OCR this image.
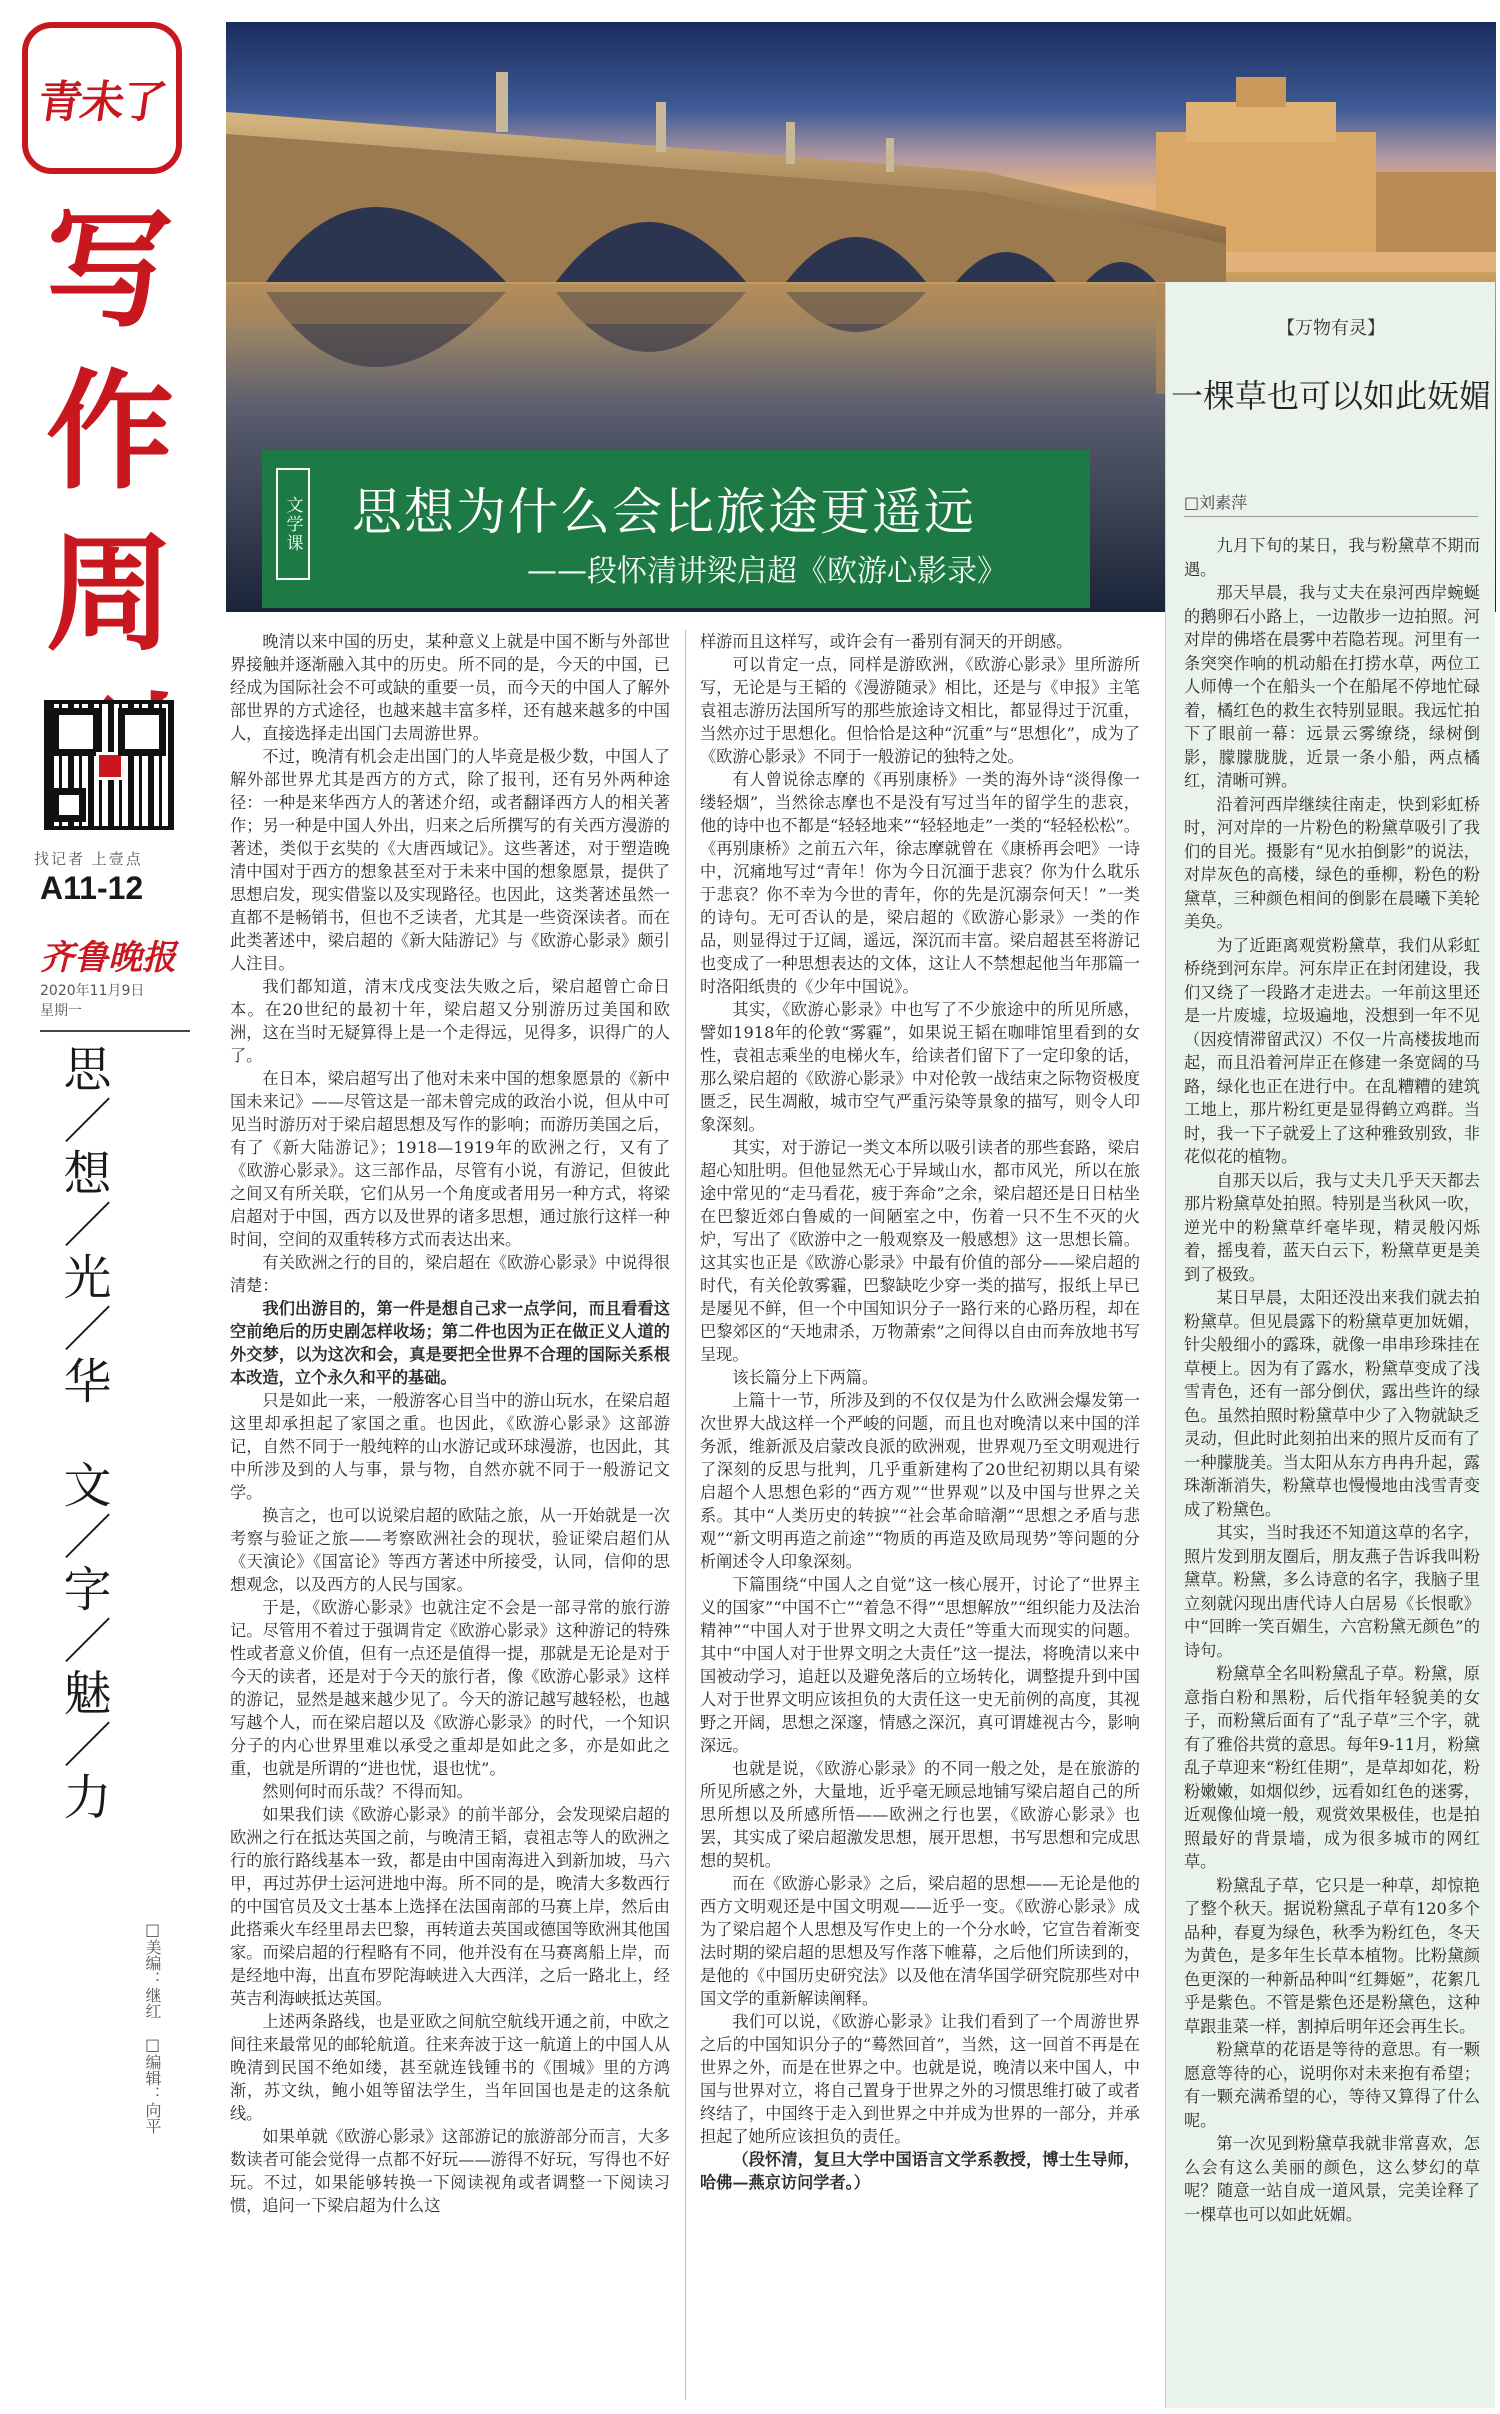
青未了
写作周
找记者 上壹点
A11-12
齐鲁晚报
2020年11月9日
星期一
思／想／光／华　文／字／魅／力
□美编：继红　□编辑：向平
文学课 思想为什么会比旅途更遥远
——段怀清讲梁启超《欧游心影录》

晚清以来中国的历史，某种意义上就是中国不断与外部世界接触并逐渐融入其中的历史。所不同的是，今天的中国，已经成为国际社会不可或缺的重要一员，而今天的中国人了解外部世界的方式途径，也越来越丰富多样，还有越来越多的中国人，直接选择走出国门去周游世界。

不过，晚清有机会走出国门的人毕竟是极少数，中国人了解外部世界尤其是西方的方式，除了报刊，还有另外两种途径：一种是来华西方人的著述介绍，或者翻译西方人的相关著作；另一种是中国人外出，归来之后所撰写的有关西方漫游的著述，类似于玄奘的《大唐西域记》。这些著述，对于塑造晚清中国对于西方的想象甚至对于未来中国的想象愿景，提供了思想启发，现实借鉴以及实现路径。也因此，这类著述虽然一直都不是畅销书，但也不乏读者，尤其是一些资深读者。而在此类著述中，梁启超的《新大陆游记》与《欧游心影录》颇引人注目。

我们都知道，清末戊戌变法失败之后，梁启超曾亡命日本。在20世纪的最初十年，梁启超又分别游历过美国和欧洲，这在当时无疑算得上是一个走得远，见得多，识得广的人了。

在日本，梁启超写出了他对未来中国的想象愿景的《新中国未来记》——尽管这是一部未曾完成的政治小说，但从中可见当时游历对于梁启超思想及写作的影响；而游历美国之后，有了《新大陆游记》；1918—1919年的欧洲之行，又有了《欧游心影录》。这三部作品，尽管有小说，有游记，但彼此之间又有所关联，它们从另一个角度或者用另一种方式，将梁启超对于中国，西方以及世界的诸多思想，通过旅行这样一种时间，空间的双重转移方式而表达出来。

有关欧洲之行的目的，梁启超在《欧游心影录》中说得很清楚：

我们出游目的，第一件是想自己求一点学问，而且看看这空前绝后的历史剧怎样收场；第二件也因为正在做正义人道的外交梦，以为这次和会，真是要把全世界不合理的国际关系根本改造，立个永久和平的基础。

只是如此一来，一般游客心目当中的游山玩水，在梁启超这里却承担起了家国之重。也因此，《欧游心影录》这部游记，自然不同于一般纯粹的山水游记或环球漫游，也因此，其中所涉及到的人与事，景与物，自然亦就不同于一般游记文学。

换言之，也可以说梁启超的欧陆之旅，从一开始就是一次考察与验证之旅——考察欧洲社会的现状，验证梁启超们从《天演论》《国富论》等西方著述中所接受，认同，信仰的思想观念，以及西方的人民与国家。

于是，《欧游心影录》也就注定不会是一部寻常的旅行游记。尽管用不着过于强调肯定《欧游心影录》这种游记的特殊性或者意义价值，但有一点还是值得一提，那就是无论是对于今天的读者，还是对于今天的旅行者，像《欧游心影录》这样的游记，显然是越来越少见了。今天的游记越写越轻松，也越写越个人，而在梁启超以及《欧游心影录》的时代，一个知识分子的内心世界里难以承受之重却是如此之多，亦是如此之重，也就是所谓的“进也忧，退也忧”。

然则何时而乐哉？不得而知。

如果我们读《欧游心影录》的前半部分，会发现梁启超的欧洲之行在抵达英国之前，与晚清王韬，袁祖志等人的欧洲之行的旅行路线基本一致，都是由中国南海进入到新加坡，马六甲，再过苏伊士运河进地中海。所不同的是，晚清大多数西行的中国官员及文士基本上选择在法国南部的马赛上岸，然后由此搭乘火车经里昂去巴黎，再转道去英国或德国等欧洲其他国家。而梁启超的行程略有不同，他并没有在马赛离船上岸，而是经地中海，出直布罗陀海峡进入大西洋，之后一路北上，经英吉利海峡抵达英国。

上述两条路线，也是亚欧之间航空航线开通之前，中欧之间往来最常见的邮轮航道。往来奔波于这一航道上的中国人从晚清到民国不绝如缕，甚至就连钱锺书的《围城》里的方鸿渐，苏文纨，鲍小姐等留法学生，当年回国也是走的这条航线。

如果单就《欧游心影录》这部游记的旅游部分而言，大多数读者可能会觉得一点都不好玩——游得不好玩，写得也不好玩。不过，如果能够转换一下阅读视角或者调整一下阅读习惯，追问一下梁启超为什么这

样游而且这样写，或许会有一番别有洞天的开朗感。

可以肯定一点，同样是游欧洲，《欧游心影录》里所游所写，无论是与王韬的《漫游随录》相比，还是与《申报》主笔袁祖志游历法国所写的那些旅途诗文相比，都显得过于沉重，当然亦过于思想化。但恰恰是这种“沉重”与“思想化”，成为了《欧游心影录》不同于一般游记的独特之处。

有人曾说徐志摩的《再别康桥》一类的海外诗“淡得像一缕轻烟”，当然徐志摩也不是没有写过当年的留学生的悲哀，他的诗中也不都是“轻轻地来”“轻轻地走”一类的“轻轻松松”。《再别康桥》之前五六年，徐志摩就曾在《康桥再会吧》一诗中，沉痛地写过“青年！你为今日沉湎于悲哀？你为什么耽乐于悲哀？你不幸为今世的青年，你的先是沉溺奈何天！”一类的诗句。无可否认的是，梁启超的《欧游心影录》一类的作品，则显得过于辽阔，遥远，深沉而丰富。梁启超甚至将游记也变成了一种思想表达的文体，这让人不禁想起他当年那篇一时洛阳纸贵的《少年中国说》。

其实，《欧游心影录》中也写了不少旅途中的所见所感，譬如1918年的伦敦“雾霾”，如果说王韬在咖啡馆里看到的女性，袁祖志乘坐的电梯火车，给读者们留下了一定印象的话，那么梁启超的《欧游心影录》中对伦敦一战结束之际物资极度匮乏，民生凋敝，城市空气严重污染等景象的描写，则令人印象深刻。

其实，对于游记一类文本所以吸引读者的那些套路，梁启超心知肚明。但他显然无心于异域山水，都市风光，所以在旅途中常见的“走马看花，疲于奔命”之余，梁启超还是日日枯坐在巴黎近郊白鲁威的一间陋室之中，伤着一只不生不灭的火炉，写出了《欧游中之一般观察及一般感想》这一思想长篇。这其实也正是《欧游心影录》中最有价值的部分——梁启超的时代，有关伦敦雾霾，巴黎缺吃少穿一类的描写，报纸上早已是屡见不鲜，但一个中国知识分子一路行来的心路历程，却在巴黎郊区的“天地肃杀，万物萧索”之间得以自由而奔放地书写呈现。

该长篇分上下两篇。

上篇十一节，所涉及到的不仅仅是为什么欧洲会爆发第一次世界大战这样一个严峻的问题，而且也对晚清以来中国的洋务派，维新派及启蒙改良派的欧洲观，世界观乃至文明观进行了深刻的反思与批判，几乎重新建构了20世纪初期以具有梁启超个人思想色彩的“西方观”“世界观”以及中国与世界之关系。其中“人类历史的转捩”“社会革命暗潮”“思想之矛盾与悲观”“新文明再造之前途”“物质的再造及欧局现势”等问题的分析阐述令人印象深刻。

下篇围绕“中国人之自觉”这一核心展开，讨论了“世界主义的国家”“中国不亡”“着急不得”“思想解放”“组织能力及法治精神”“中国人对于世界文明之大责任”等重大而现实的问题。其中“中国人对于世界文明之大责任”这一提法，将晚清以来中国被动学习，追赶以及避免落后的立场转化，调整提升到中国人对于世界文明应该担负的大责任这一史无前例的高度，其视野之开阔，思想之深邃，情感之深沉，真可谓雄视古今，影响深远。

也就是说，《欧游心影录》的不同一般之处，是在旅游的所见所感之外，大量地，近乎毫无顾忌地铺写梁启超自己的所思所想以及所感所悟——欧洲之行也罢，《欧游心影录》也罢，其实成了梁启超激发思想，展开思想，书写思想和完成思想的契机。

而在《欧游心影录》之后，梁启超的思想——无论是他的西方文明观还是中国文明观——近乎一变。《欧游心影录》成为了梁启超个人思想及写作史上的一个分水岭，它宣告着渐变法时期的梁启超的思想及写作落下帷幕，之后他们所读到的，是他的《中国历史研究法》以及他在清华国学研究院那些对中国文学的重新解读阐释。

我们可以说，《欧游心影录》让我们看到了一个周游世界之后的中国知识分子的“蓦然回首”，当然，这一回首不再是在世界之外，而是在世界之中。也就是说，晚清以来中国人，中国与世界对立，将自己置身于世界之外的习惯思维打破了或者终结了，中国终于走入到世界之中并成为世界的一部分，并承担起了她所应该担负的责任。

（段怀清，复旦大学中国语言文学系教授，博士生导师，哈佛—燕京访问学者。）

【万物有灵】
一棵草也可以如此妩媚
□刘素萍

九月下旬的某日，我与粉黛草不期而遇。

那天早晨，我与丈夫在泉河西岸蜿蜒的鹅卵石小路上，一边散步一边拍照。河对岸的佛塔在晨雾中若隐若现。河里有一条突突作响的机动船在打捞水草，两位工人师傅一个在船头一个在船尾不停地忙碌着，橘红色的救生衣特别显眼。我远忙拍下了眼前一幕：远景云雾缭绕，绿树倒影，朦朦胧胧，近景一条小船，两点橘红，清晰可辨。

沿着河西岸继续往南走，快到彩虹桥时，河对岸的一片粉色的粉黛草吸引了我们的目光。摄影有“见水拍倒影”的说法，对岸灰色的高楼，绿色的垂柳，粉色的粉黛草，三种颜色相间的倒影在晨曦下美轮美奂。

为了近距离观赏粉黛草，我们从彩虹桥绕到河东岸。河东岸正在封闭建设，我们又绕了一段路才走进去。一年前这里还是一片废墟，垃圾遍地，没想到一年不见（因疫情滞留武汉）不仅一片高楼拔地而起，而且沿着河岸正在修建一条宽阔的马路，绿化也正在进行中。在乱糟糟的建筑工地上，那片粉红更是显得鹤立鸡群。当时，我一下子就爱上了这种雅致别致，非花似花的植物。

自那天以后，我与丈夫几乎天天都去那片粉黛草处拍照。特别是当秋风一吹，逆光中的粉黛草纤毫毕现，精灵般闪烁着，摇曳着，蓝天白云下，粉黛草更是美到了极致。

某日早晨，太阳还没出来我们就去拍粉黛草。但见晨露下的粉黛草更加妩媚，针尖般细小的露珠，就像一串串珍珠挂在草梗上。因为有了露水，粉黛草变成了浅雪青色，还有一部分倒伏，露出些许的绿色。虽然拍照时粉黛草中少了入物就缺乏灵动，但此时此刻拍出来的照片反而有了一种朦胧美。当太阳从东方冉冉升起，露珠渐渐消失，粉黛草也慢慢地由浅雪青变成了粉黛色。

其实，当时我还不知道这草的名字，照片发到朋友圈后，朋友燕子告诉我叫粉黛草。粉黛，多么诗意的名字，我脑子里立刻就闪现出唐代诗人白居易《长恨歌》中“回眸一笑百媚生，六宫粉黛无颜色”的诗句。

粉黛草全名叫粉黛乱子草。粉黛，原意指白粉和黑粉，后代指年轻貌美的女子，而粉黛后面有了“乱子草”三个字，就有了雅俗共赏的意思。每年9-11月，粉黛乱子草迎来“粉红佳期”，是草却如花，粉粉嫩嫩，如烟似纱，远看如红色的迷雾，近观像仙境一般，观赏效果极佳，也是拍照最好的背景墙，成为很多城市的网红草。

粉黛乱子草，它只是一种草，却惊艳了整个秋天。据说粉黛乱子草有120多个品种，春夏为绿色，秋季为粉红色，冬天为黄色，是多年生长草本植物。比粉黛颜色更深的一种新品种叫“红舞姬”，花絮几乎是紫色。不管是紫色还是粉黛色，这种草跟韭菜一样，割掉后明年还会再生长。

粉黛草的花语是等待的意思。有一颗愿意等待的心，说明你对未来抱有希望；有一颗充满希望的心，等待又算得了什么呢。

第一次见到粉黛草我就非常喜欢，怎么会有这么美丽的颜色，这么梦幻的草呢？随意一站自成一道风景，完美诠释了一棵草也可以如此妩媚。
